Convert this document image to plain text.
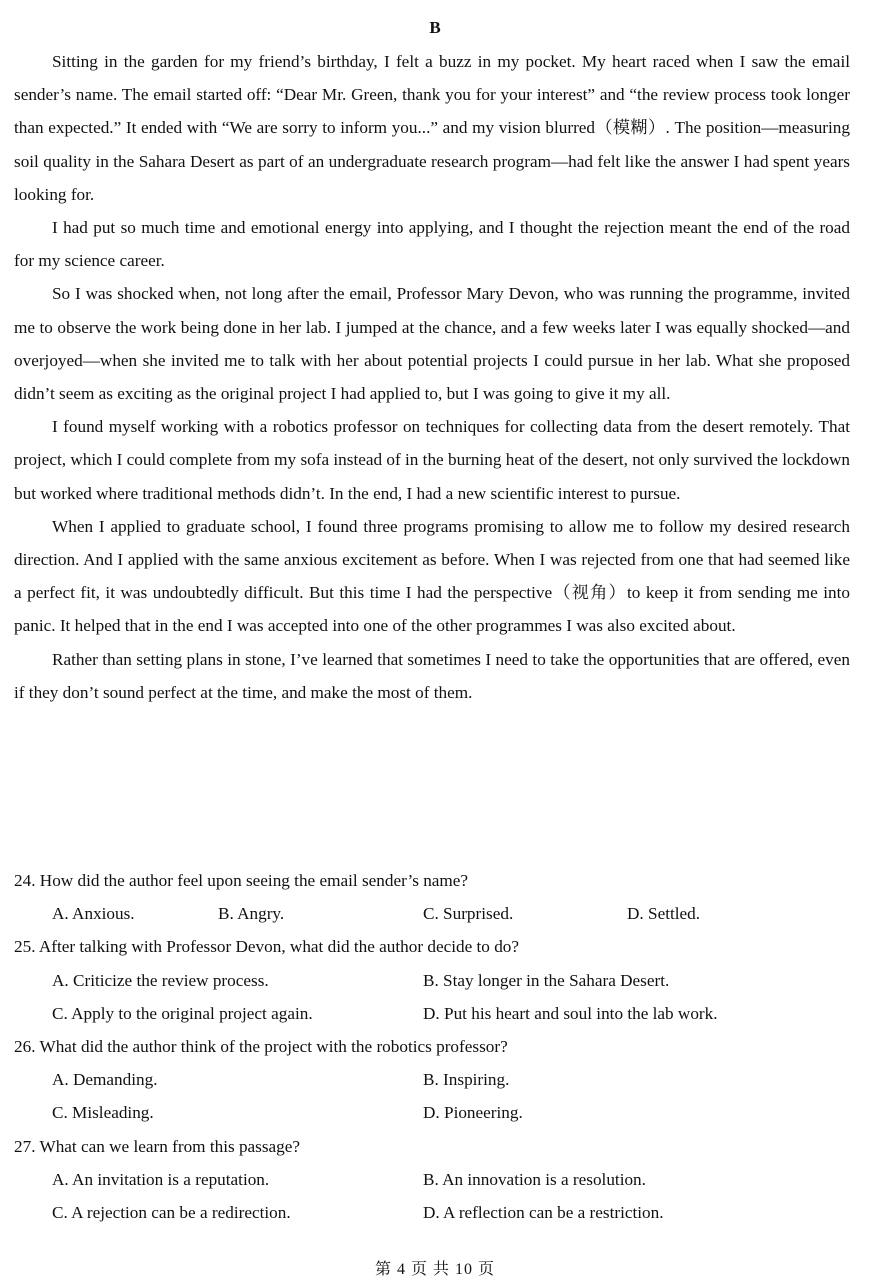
B

Sitting in the garden for my friend’s birthday, I felt a buzz in my pocket. My heart raced when I saw the email sender’s name. The email started off: “Dear Mr. Green, thank you for your interest” and “the review process took longer than expected.” It ended with “We are sorry to inform you...” and my vision blurred（模糊）. The position—measuring soil quality in the Sahara Desert as part of an undergraduate research program—had felt like the answer I had spent years looking for.

I had put so much time and emotional energy into applying, and I thought the rejection meant the end of the road for my science career.

So I was shocked when, not long after the email, Professor Mary Devon, who was running the programme, invited me to observe the work being done in her lab. I jumped at the chance, and a few weeks later I was equally shocked—and overjoyed—when she invited me to talk with her about potential projects I could pursue in her lab. What she proposed didn’t seem as exciting as the original project I had applied to, but I was going to give it my all.

I found myself working with a robotics professor on techniques for collecting data from the desert remotely. That project, which I could complete from my sofa instead of in the burning heat of the desert, not only survived the lockdown but worked where traditional methods didn’t. In the end, I had a new scientific interest to pursue.

When I applied to graduate school, I found three programs promising to allow me to follow my desired research direction. And I applied with the same anxious excitement as before. When I was rejected from one that had seemed like a perfect fit, it was undoubtedly difficult. But this time I had the perspective（视角）to keep it from sending me into panic. It helped that in the end I was accepted into one of the other programmes I was also excited about.

Rather than setting plans in stone, I’ve learned that sometimes I need to take the opportunities that are offered, even if they don’t sound perfect at the time, and make the most of them.

24. How did the author feel upon seeing the email sender’s name?
A. Anxious.	B. Angry.	C. Surprised.	D. Settled.
25. After talking with Professor Devon, what did the author decide to do?
A. Criticize the review process.	B. Stay longer in the Sahara Desert.
C. Apply to the original project again.	D. Put his heart and soul into the lab work.
26. What did the author think of the project with the robotics professor?
A. Demanding.	B. Inspiring.
C. Misleading.	D. Pioneering.
27. What can we learn from this passage?
A. An invitation is a reputation.	B. An innovation is a resolution.
C. A rejection can be a redirection.	D. A reflection can be a restriction.
第 4 页 共 10 页
